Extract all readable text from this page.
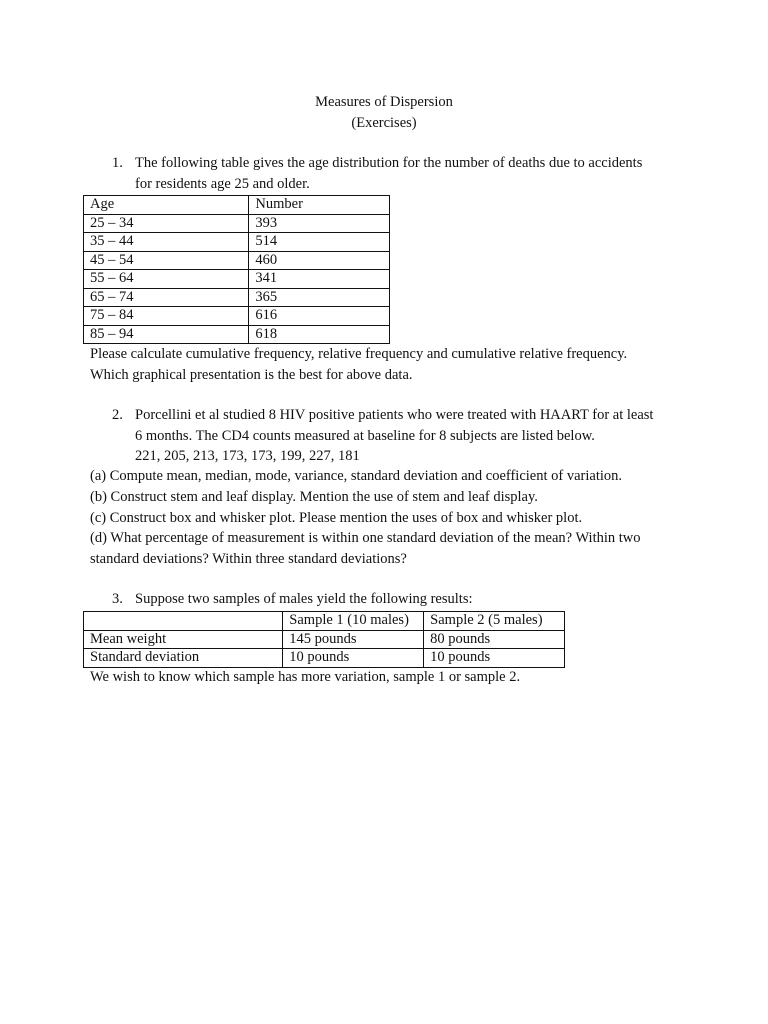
Measures of Dispersion
(Exercises)
1. The following table gives the age distribution for the number of deaths due to accidents
for residents age 25 and older.
Age	Number
25 – 34	393
35 – 44	514
45 – 54	460
55 – 64	341
65 – 74	365
75 – 84	616
85 – 94	618
Please calculate cumulative frequency, relative frequency and cumulative relative frequency.
Which graphical presentation is the best for above data.
2. Porcellini et al studied 8 HIV positive patients who were treated with HAART for at least
6 months. The CD4 counts measured at baseline for 8 subjects are listed below.
221, 205, 213, 173, 173, 199, 227, 181
(a) Compute mean, median, mode, variance, standard deviation and coefficient of variation.
(b) Construct stem and leaf display. Mention the use of stem and leaf display.
(c) Construct box and whisker plot. Please mention the uses of box and whisker plot.
(d) What percentage of measurement is within one standard deviation of the mean? Within two
standard deviations? Within three standard deviations?
3. Suppose two samples of males yield the following results:
	Sample 1 (10 males)	Sample 2 (5 males)
Mean weight	145 pounds	80 pounds
Standard deviation	10 pounds	10 pounds
We wish to know which sample has more variation, sample 1 or sample 2.
